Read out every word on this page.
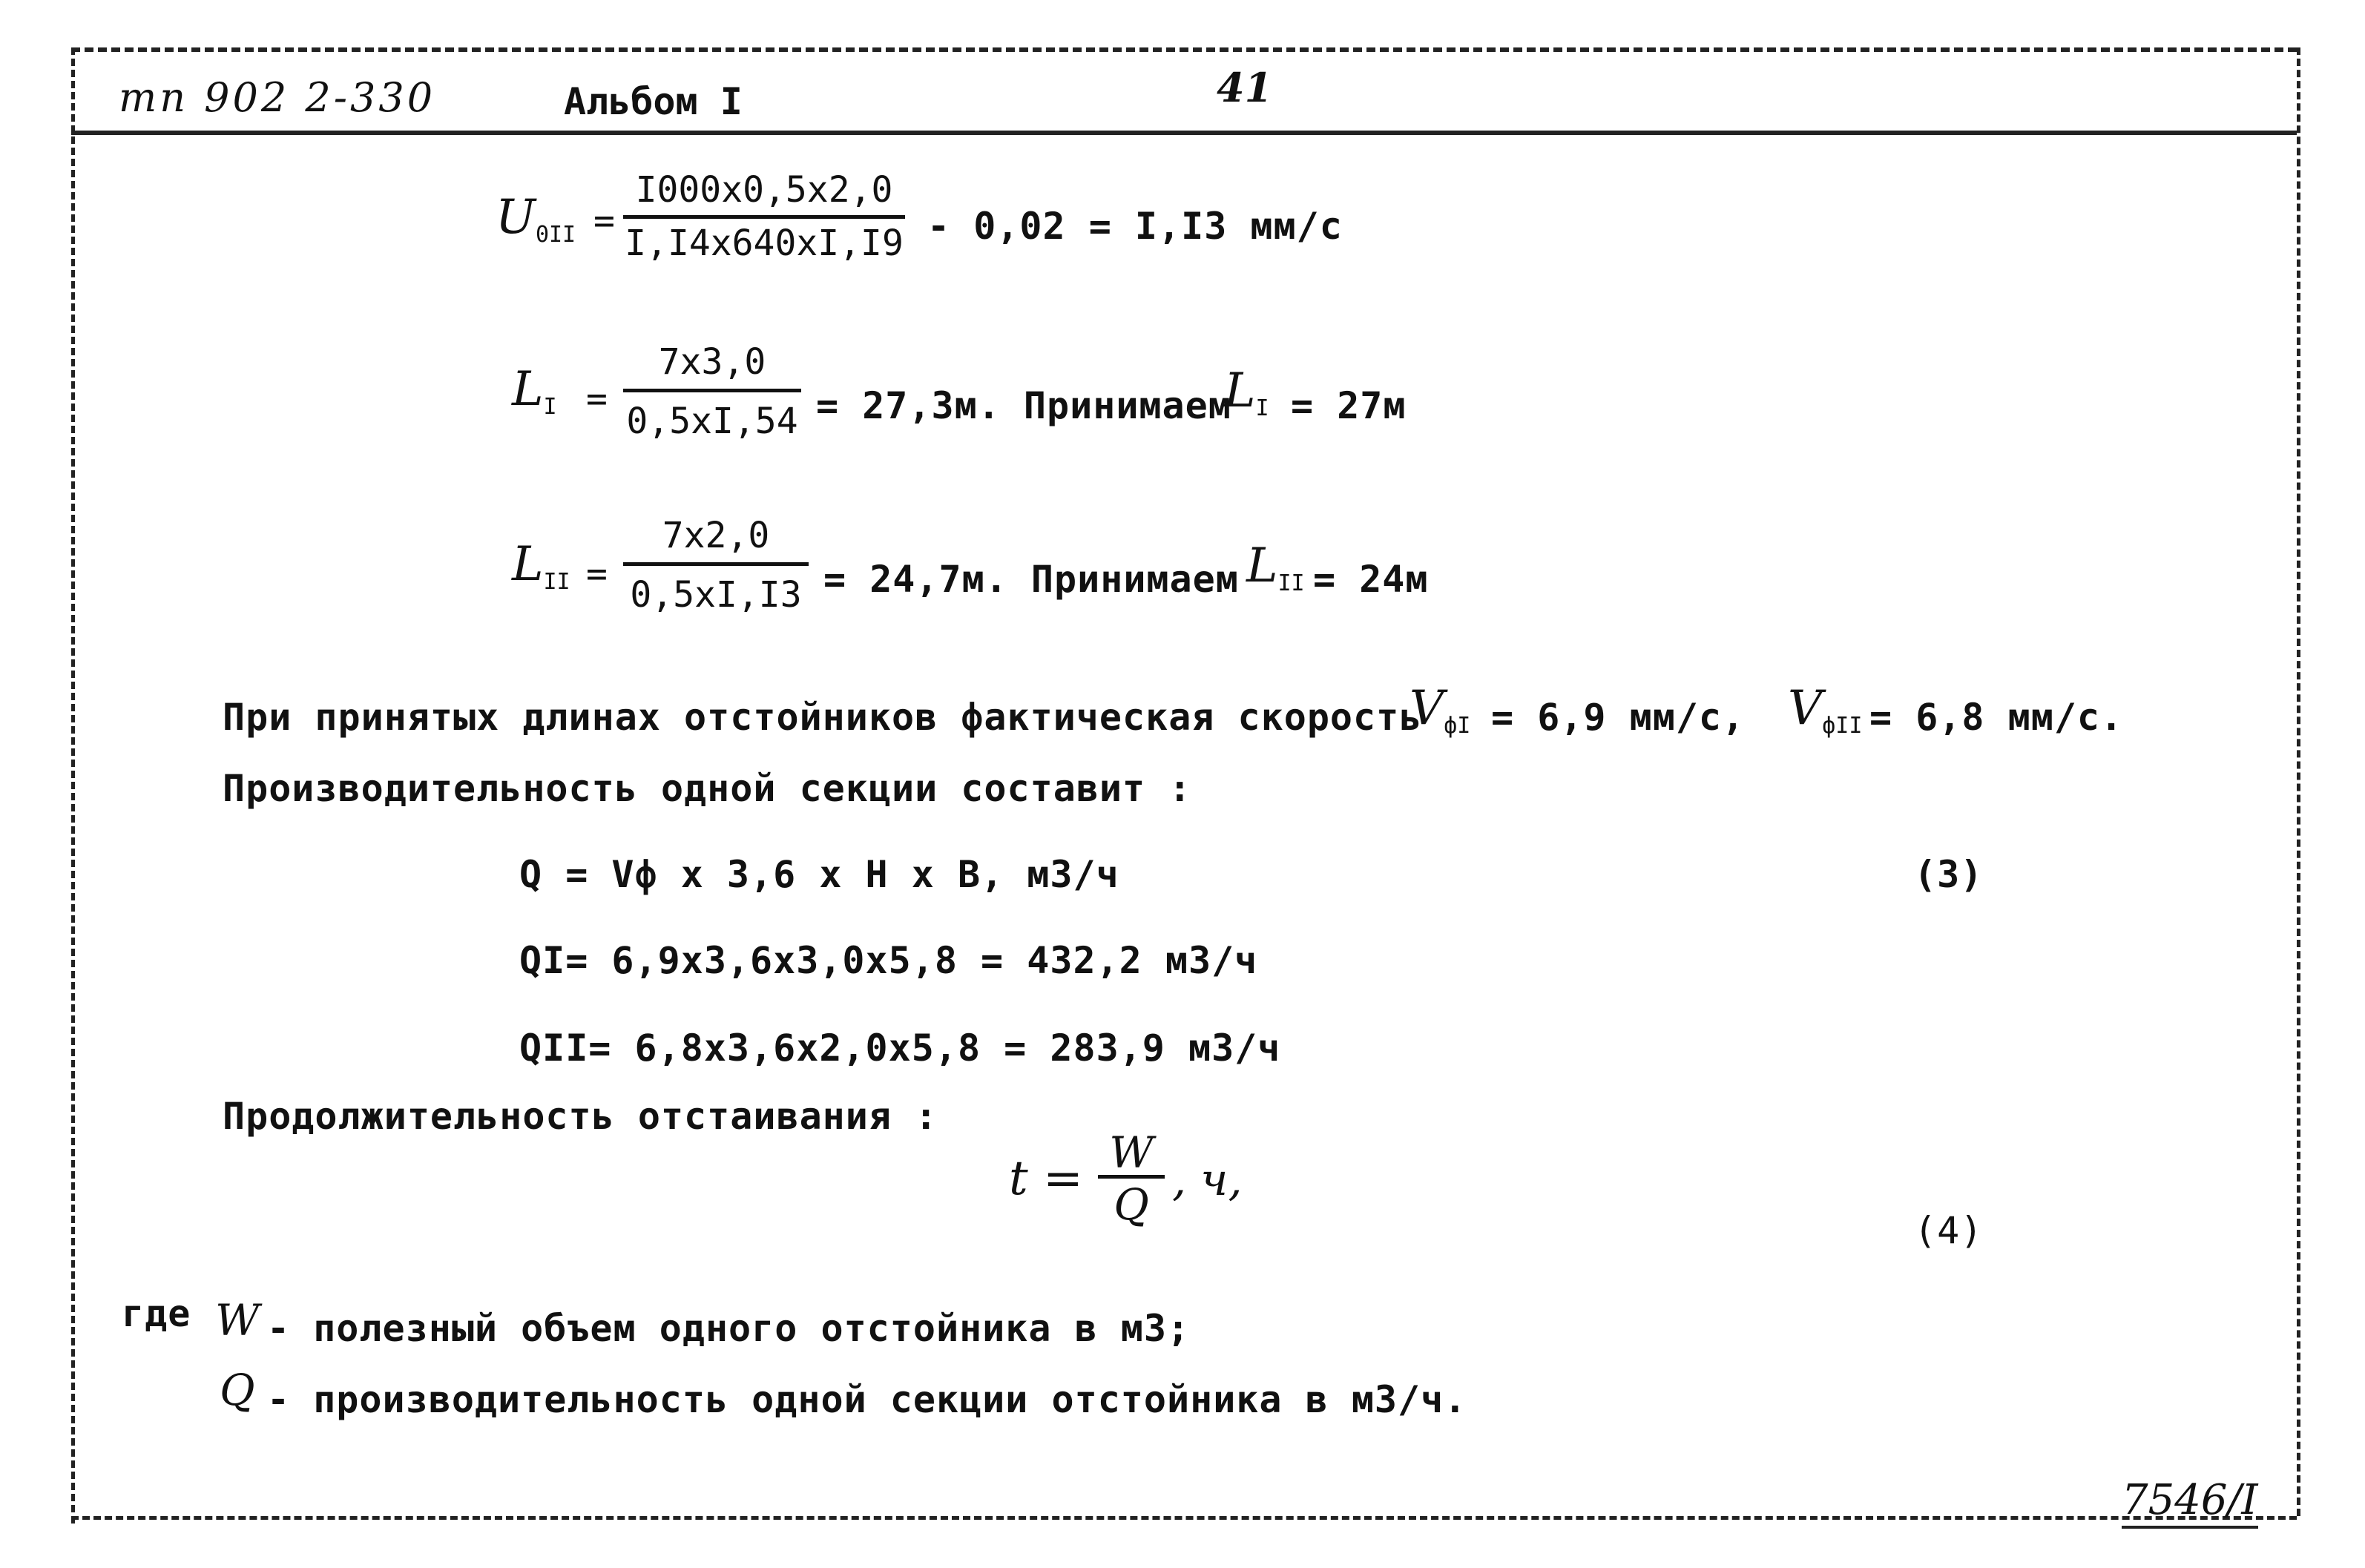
тп 902 2-330	Альбом I	41
U0II =
I000x0,5x2,0
I,I4x640xI,I9 - 0,02 = I,I3 мм/с
LI =
7x3,0
0,5xI,54 = 27,3м. Принимаем
LI = 27м
LII =
7x2,0
0,5xI,I3 = 24,7м. Принимаем LII = 24м
При принятых длинах отстойников фактическая скорость
VфI = 6,9 мм/с, VфII = 6,8 мм/с.
Производительность одной секции составит :
Q = Vф x 3,6 x H x B, м3/ч	(3)
QI= 6,9x3,6x3,0x5,8 = 432,2 м3/ч
QII= 6,8x3,6x2,0x5,8 = 283,9 м3/ч
Продолжительность отстаивания :
t = W
Q , ч,
(4)
где W - полезный объем одного отстойника в м3;
Q - производительность одной секции отстойника в м3/ч.
7546/I
